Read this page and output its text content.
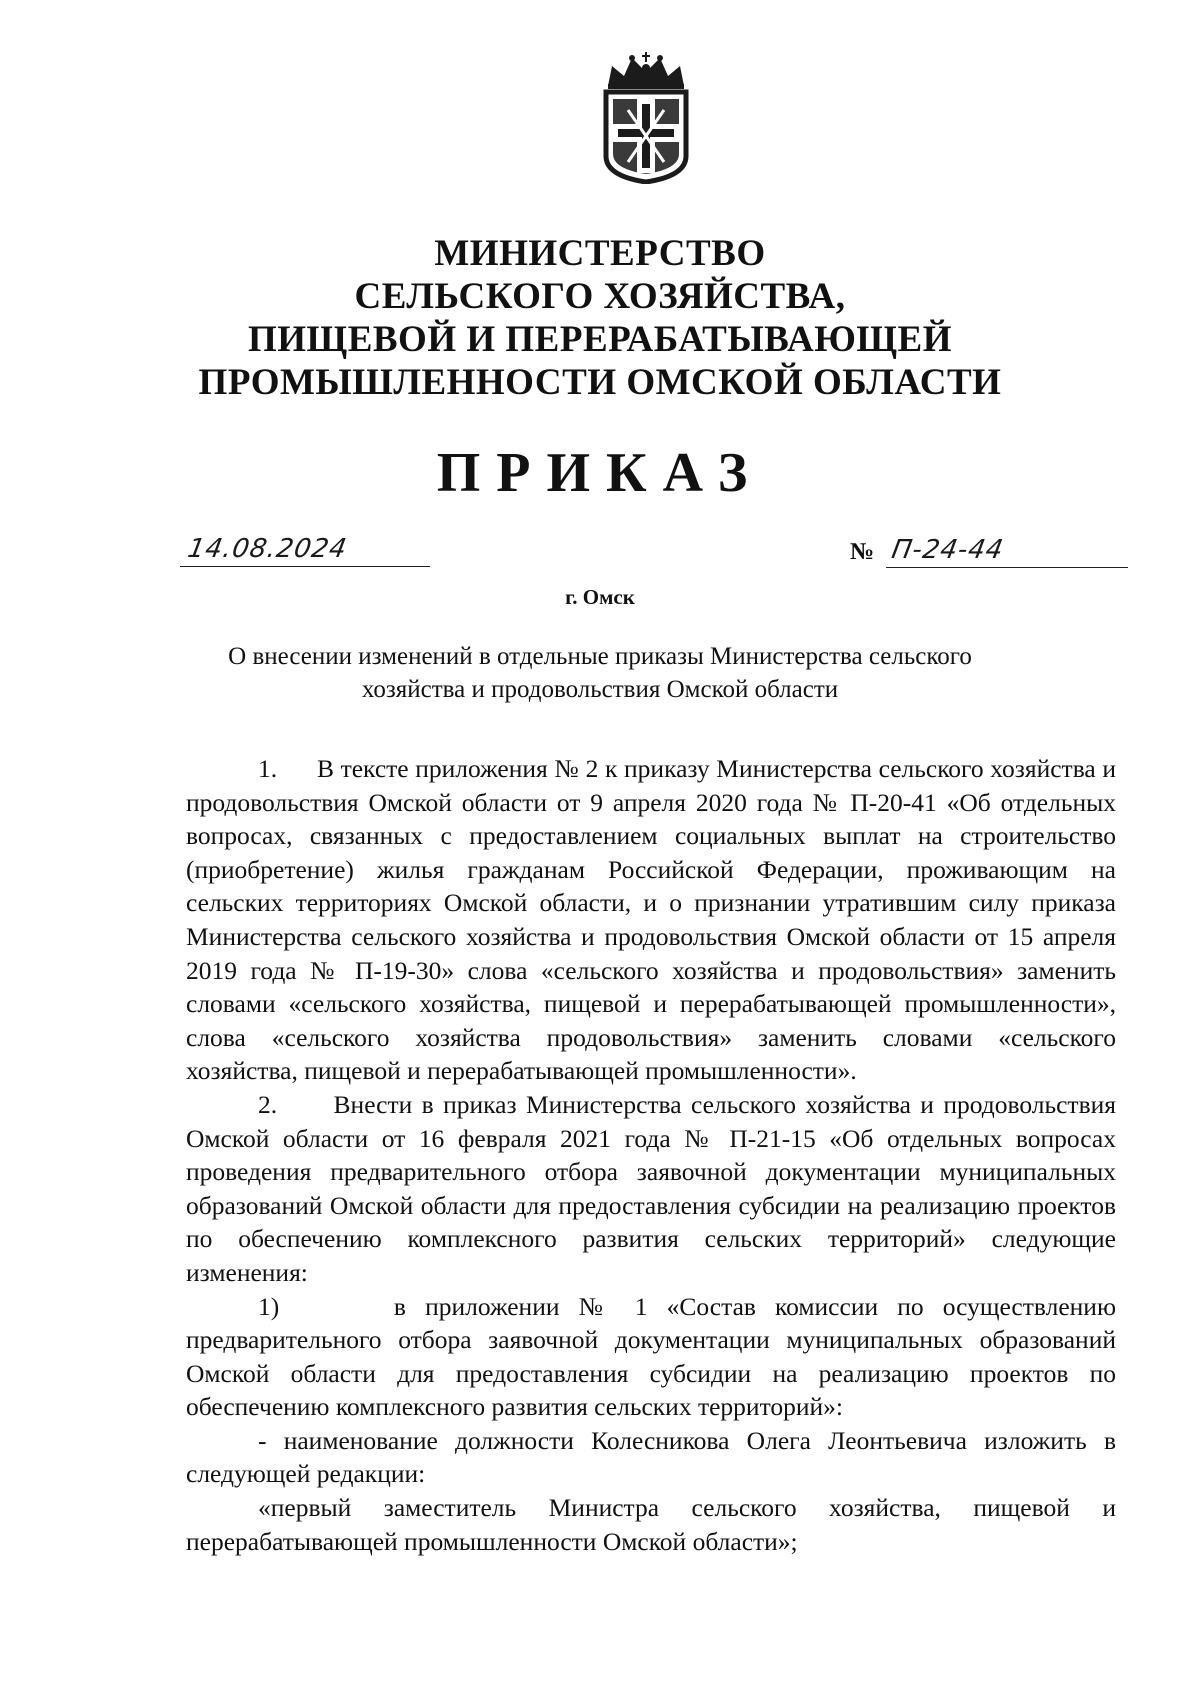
МИНИСТЕРСТВО
СЕЛЬСКОГО ХОЗЯЙСТВА,
ПИЩЕВОЙ И ПЕРЕРАБАТЫВАЮЩЕЙ
ПРОМЫШЛЕННОСТИ ОМСКОЙ ОБЛАСТИ
ПРИКАЗ
14.08.2024	№ П-24-44
г. Омск
О внесении изменений в отдельные приказы Министерства сельского хозяйства и продовольствия Омской области

1.      В тексте приложения № 2 к приказу Министерства сельского хозяйства и продовольствия Омской области от 9 апреля 2020 года № П-20-41 «Об отдельных вопросах, связанных с предоставлением социальных выплат на строительство (приобретение) жилья гражданам Российской Федерации, проживающим на сельских территориях Омской области, и о признании утратившим силу приказа Министерства сельского хозяйства и продовольствия Омской области от 15 апреля 2019 года № П-19-30» слова «сельского хозяйства и продовольствия» заменить словами «сельского хозяйства, пищевой и перерабатывающей промышленности», слова «сельского хозяйства продовольствия» заменить словами «сельского хозяйства, пищевой и перерабатывающей промышленности».

2.      Внести в приказ Министерства сельского хозяйства и продовольствия Омской области от 16 февраля 2021 года № П-21-15 «Об отдельных вопросах проведения предварительного отбора заявочной документации муниципальных образований Омской области для предоставления субсидии на реализацию проектов по обеспечению комплексного развития сельских территорий» следующие изменения:

1)      в приложении № 1 «Состав комиссии по осуществлению предварительного отбора заявочной документации муниципальных образований Омской области для предоставления субсидии на реализацию проектов по обеспечению комплексного развития сельских территорий»:

- наименование должности Колесникова Олега Леонтьевича изложить в следующей редакции:

«первый заместитель Министра сельского хозяйства, пищевой и перерабатывающей промышленности Омской области»;
